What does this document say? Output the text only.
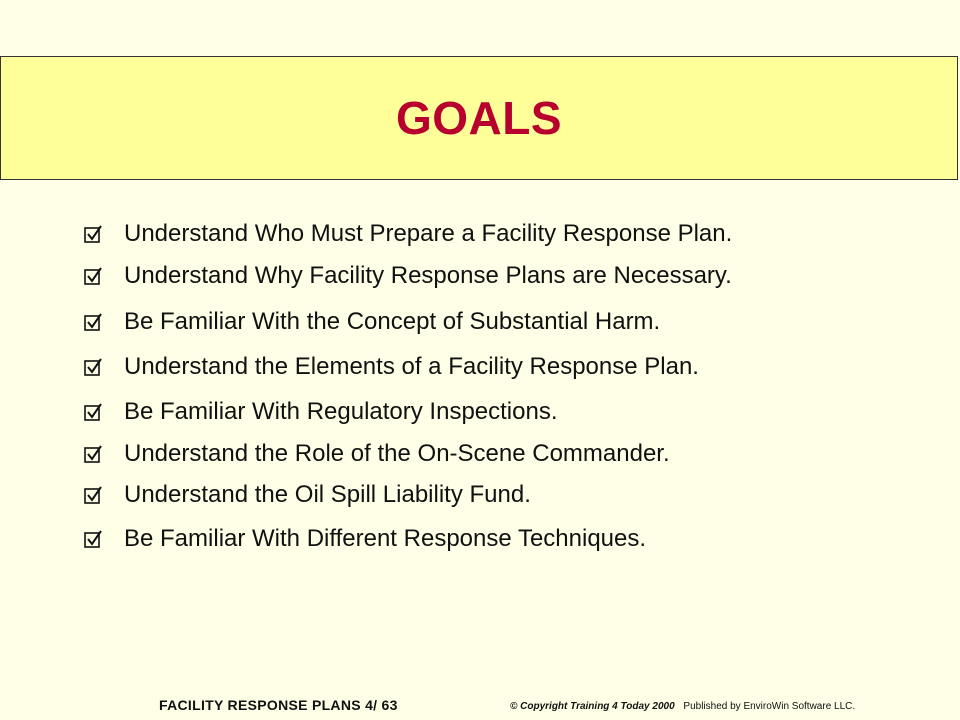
GOALS
Understand Who Must Prepare a Facility Response Plan.
Understand Why Facility Response Plans are Necessary.
Be Familiar With the Concept of Substantial Harm.
Understand the Elements of a Facility Response Plan.
Be Familiar With Regulatory Inspections.
Understand the Role of the On-Scene Commander.
Understand the Oil Spill Liability Fund.
Be Familiar With Different Response Techniques.
FACILITY RESPONSE PLANS 4/ 63	© Copyright Training 4 Today 2000 Published by EnviroWin Software LLC.
